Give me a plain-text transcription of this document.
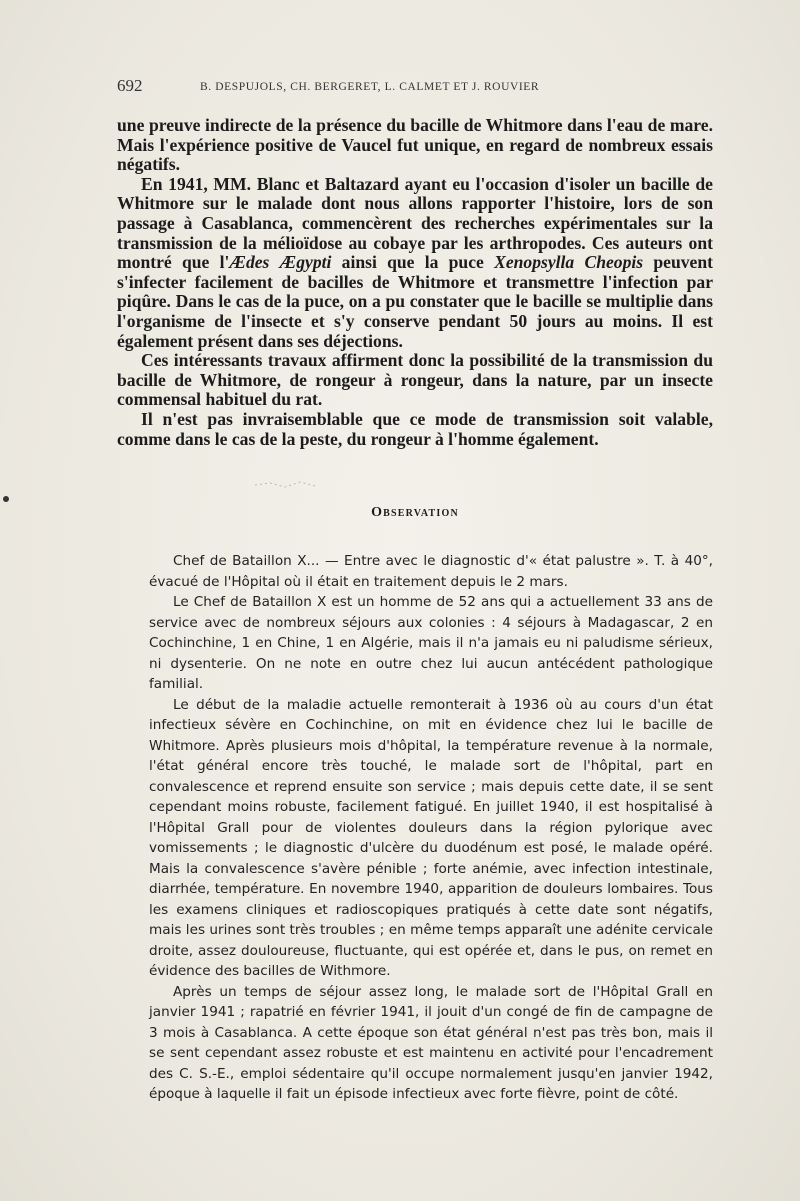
692	B. DESPUJOLS, CH. BERGERET, L. CALMET ET J. ROUVIER

une preuve indirecte de la présence du bacille de Whitmore dans l'eau de mare. Mais l'expérience positive de Vaucel fut unique, en regard de nombreux essais négatifs.

En 1941, MM. Blanc et Baltazard ayant eu l'occasion d'isoler un bacille de Whitmore sur le malade dont nous allons rapporter l'histoire, lors de son passage à Casablanca, commencèrent des recherches expérimentales sur la transmission de la mélioïdose au cobaye par les arthropodes. Ces auteurs ont montré que l'Ædes Ægypti ainsi que la puce Xenopsylla Cheopis peuvent s'infecter facilement de bacilles de Whitmore et transmettre l'infection par piqûre. Dans le cas de la puce, on a pu constater que le bacille se multiplie dans l'organisme de l'insecte et s'y conserve pendant 50 jours au moins. Il est également présent dans ses déjections.

Ces intéressants travaux affirment donc la possibilité de la transmission du bacille de Whitmore, de rongeur à rongeur, dans la nature, par un insecte commensal habituel du rat.

Il n'est pas invraisemblable que ce mode de transmission soit valable, comme dans le cas de la peste, du rongeur à l'homme également.

Observation

Chef de Bataillon X... — Entre avec le diagnostic d'« état palustre ». T. à 40°, évacué de l'Hôpital où il était en traitement depuis le 2 mars.

Le Chef de Bataillon X est un homme de 52 ans qui a actuellement 33 ans de service avec de nombreux séjours aux colonies : 4 séjours à Madagascar, 2 en Cochinchine, 1 en Chine, 1 en Algérie, mais il n'a jamais eu ni paludisme sérieux, ni dysenterie. On ne note en outre chez lui aucun antécédent pathologique familial.

Le début de la maladie actuelle remonterait à 1936 où au cours d'un état infectieux sévère en Cochinchine, on mit en évidence chez lui le bacille de Whitmore. Après plusieurs mois d'hôpital, la température revenue à la normale, l'état général encore très touché, le malade sort de l'hôpital, part en convalescence et reprend ensuite son service ; mais depuis cette date, il se sent cependant moins robuste, facilement fatigué. En juillet 1940, il est hospitalisé à l'Hôpital Grall pour de violentes douleurs dans la région pylorique avec vomissements ; le diagnostic d'ulcère du duodénum est posé, le malade opéré. Mais la convalescence s'avère pénible ; forte anémie, avec infection intestinale, diarrhée, température. En novembre 1940, apparition de douleurs lombaires. Tous les examens cliniques et radioscopiques pratiqués à cette date sont négatifs, mais les urines sont très troubles ; en même temps apparaît une adénite cervicale droite, assez douloureuse, fluctuante, qui est opérée et, dans le pus, on remet en évidence des bacilles de Withmore.

Après un temps de séjour assez long, le malade sort de l'Hôpital Grall en janvier 1941 ; rapatrié en février 1941, il jouit d'un congé de fin de campagne de 3 mois à Casablanca. A cette époque son état général n'est pas très bon, mais il se sent cependant assez robuste et est maintenu en activité pour l'encadrement des C. S.-E., emploi sédentaire qu'il occupe normalement jusqu'en janvier 1942, époque à laquelle il fait un épisode infectieux avec forte fièvre, point de côté.
